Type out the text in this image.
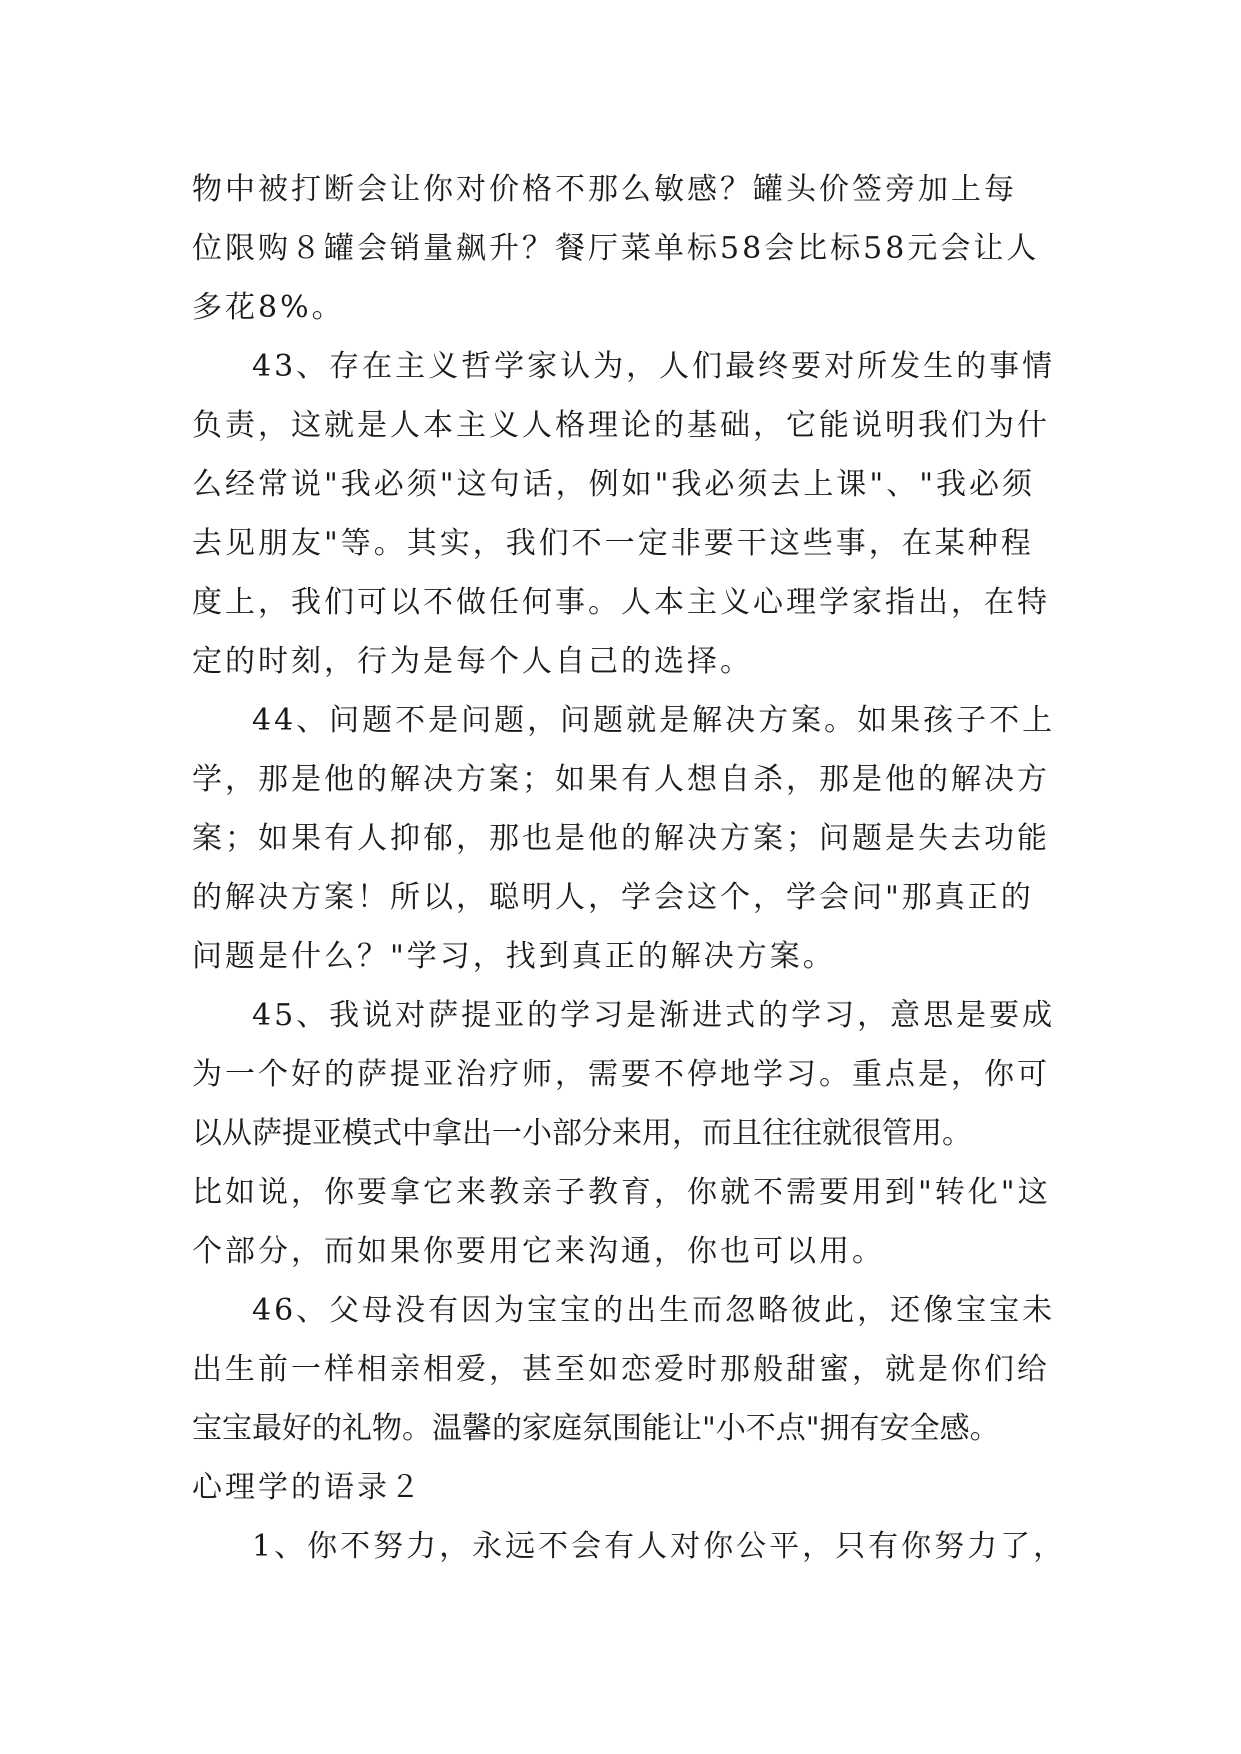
物中被打断会让你对价格不那么敏感？罐头价签旁加上每
位限购８罐会销量飙升？餐厅菜单标58会比标58元会让人
多花8%。
43、存在主义哲学家认为，人们最终要对所发生的事情
负责，这就是人本主义人格理论的基础，它能说明我们为什
么经常说"我必须"这句话，例如"我必须去上课"、"我必须
去见朋友"等。其实，我们不一定非要干这些事，在某种程
度上，我们可以不做任何事。人本主义心理学家指出，在特
定的时刻，行为是每个人自己的选择。
44、问题不是问题，问题就是解决方案。如果孩子不上
学，那是他的解决方案；如果有人想自杀，那是他的解决方
案；如果有人抑郁，那也是他的解决方案；问题是失去功能
的解决方案！所以，聪明人，学会这个，学会问"那真正的
问题是什么？"学习，找到真正的解决方案。
45、我说对萨提亚的学习是渐进式的学习，意思是要成
为一个好的萨提亚治疗师，需要不停地学习。重点是，你可
以从萨提亚模式中拿出一小部分来用，而且往往就很管用。
比如说，你要拿它来教亲子教育，你就不需要用到"转化"这
个部分，而如果你要用它来沟通，你也可以用。
46、父母没有因为宝宝的出生而忽略彼此，还像宝宝未
出生前一样相亲相爱，甚至如恋爱时那般甜蜜，就是你们给
宝宝最好的礼物。温馨的家庭氛围能让"小不点"拥有安全感。
心理学的语录２
1、你不努力，永远不会有人对你公平，只有你努力了，
